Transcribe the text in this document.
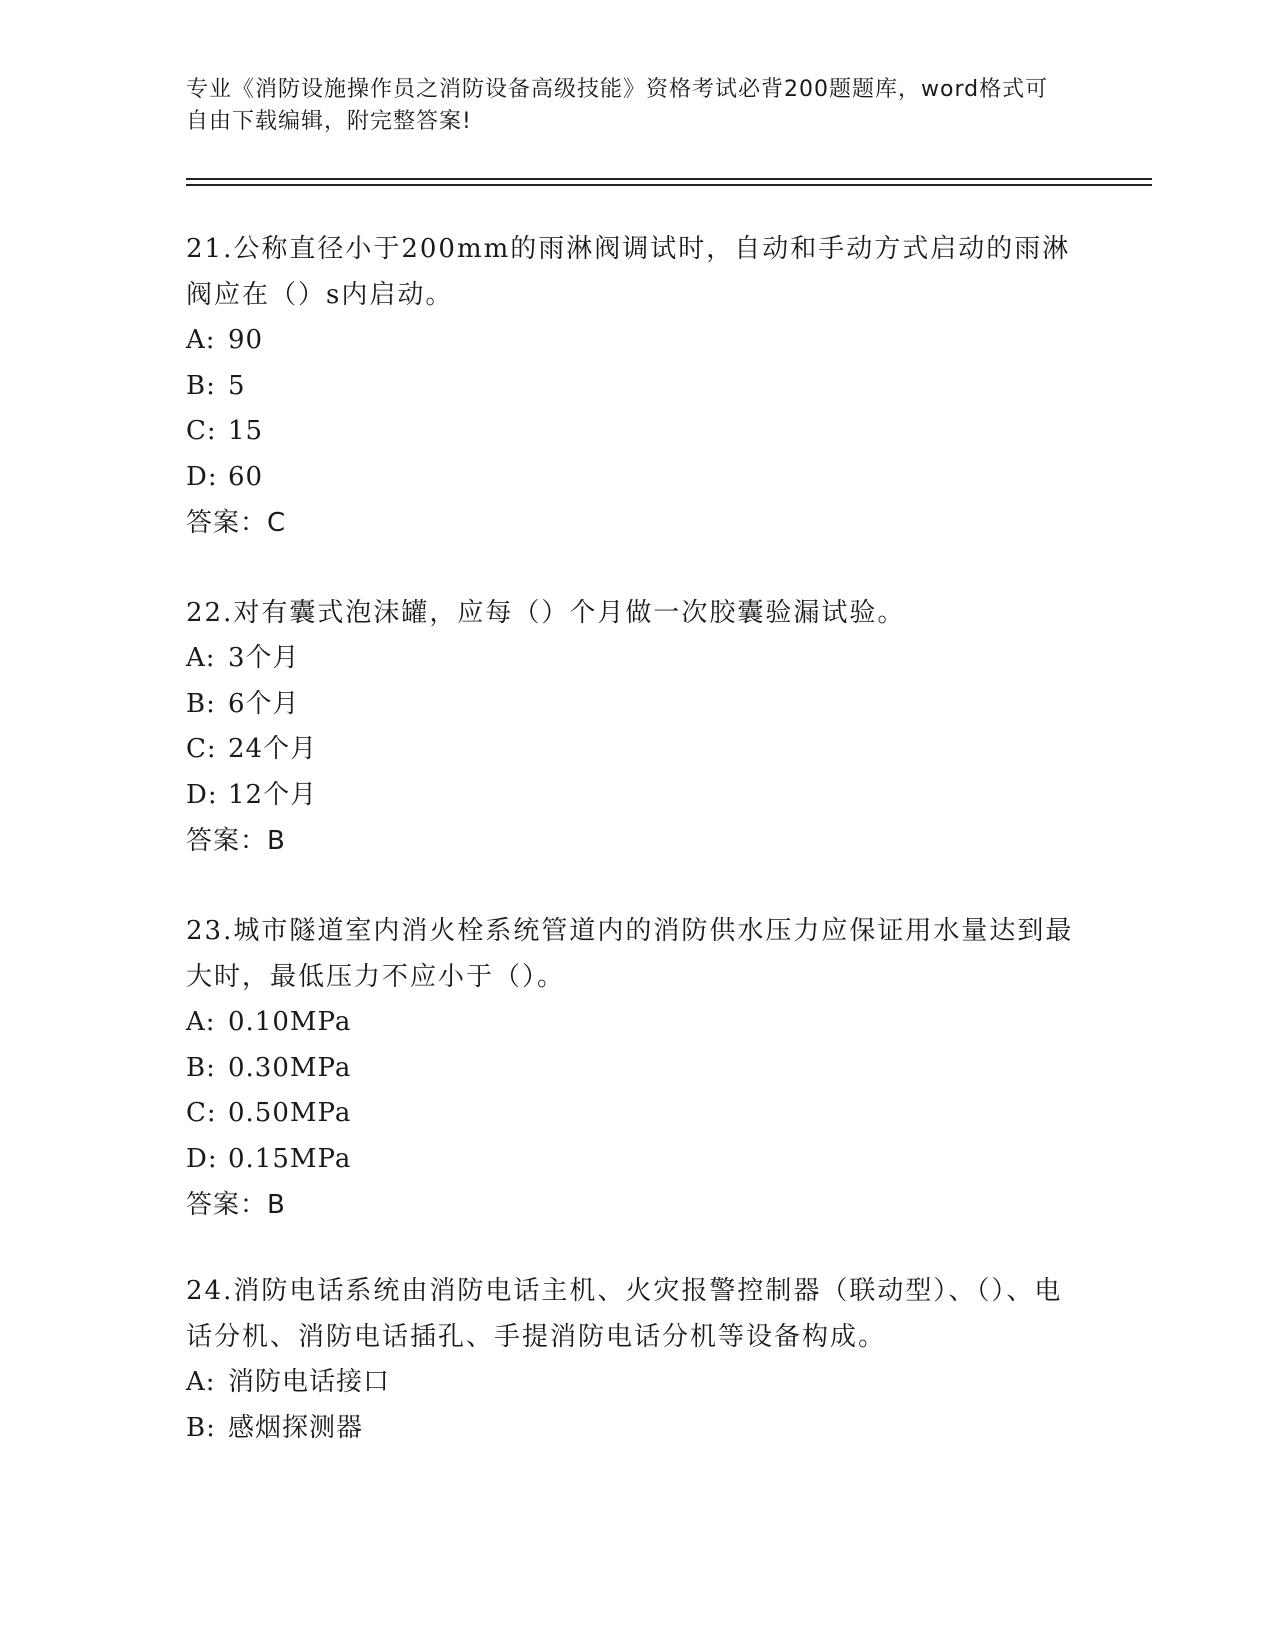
专业《消防设施操作员之消防设备高级技能》资格考试必背200题题库，word格式可自由下载编辑，附完整答案!

21.公称直径小于200mm的雨淋阀调试时，自动和手动方式启动的雨淋阀应在（）s内启动。

A: 90

B: 5

C: 15

D: 60

答案：C

22.对有囊式泡沫罐，应每（）个月做一次胶囊验漏试验。

A: 3个月

B: 6个月

C: 24个月

D: 12个月

答案：B

23.城市隧道室内消火栓系统管道内的消防供水压力应保证用水量达到最大时，最低压力不应小于（）。

A: 0.10MPa

B: 0.30MPa

C: 0.50MPa

D: 0.15MPa

答案：B

24.消防电话系统由消防电话主机、火灾报警控制器（联动型）、（）、电话分机、消防电话插孔、手提消防电话分机等设备构成。

A: 消防电话接口

B: 感烟探测器
